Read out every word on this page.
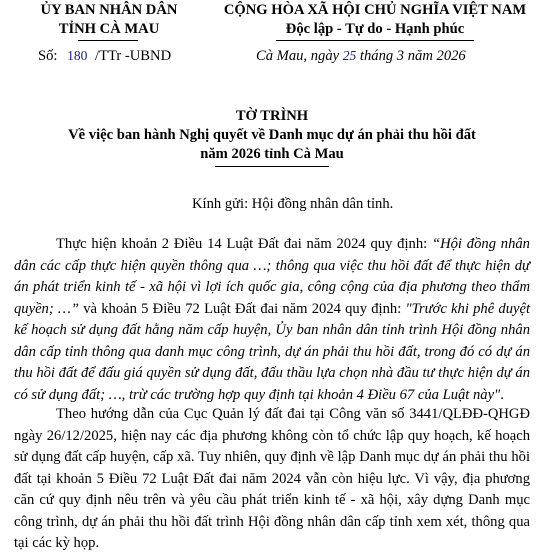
ỦY BAN NHÂN DÂN
TỈNH CÀ MAU
CỘNG HÒA XÃ HỘI CHỦ NGHĨA VIỆT NAM
Độc lập - Tự do - Hạnh phúc
Số: 180 /TTr -UBND	Cà Mau, ngày 25 tháng 3 năm 2026
TỜ TRÌNH
Về việc ban hành Nghị quyết về Danh mục dự án phải thu hồi đất
năm 2026 tỉnh Cà Mau
Kính gửi: Hội đồng nhân dân tỉnh.
Thực hiện khoản 2 Điều 14 Luật Đất đai năm 2024 quy định: “Hội đồng nhân dân các cấp thực hiện quyền thông qua …; thông qua việc thu hồi đất để thực hiện dự án phát triển kinh tế - xã hội vì lợi ích quốc gia, công cộng của địa phương theo thẩm quyền; …” và khoản 5 Điều 72 Luật Đất đai năm 2024 quy định: "Trước khi phê duyệt kế hoạch sử dụng đất hằng năm cấp huyện, Ủy ban nhân dân tỉnh trình Hội đồng nhân dân cấp tỉnh thông qua danh mục công trình, dự án phải thu hồi đất, trong đó có dự án thu hồi đất để đấu giá quyền sử dụng đất, đấu thầu lựa chọn nhà đầu tư thực hiện dự án có sử dụng đất; …, trừ các trường hợp quy định tại khoản 4 Điều 67 của Luật này".
Theo hướng dẫn của Cục Quản lý đất đai tại Công văn số 3441/QLĐĐ-QHGĐ ngày 26/12/2025, hiện nay các địa phương không còn tổ chức lập quy hoạch, kế hoạch sử dụng đất cấp huyện, cấp xã. Tuy nhiên, quy định về lập Danh mục dự án phải thu hồi đất tại khoản 5 Điều 72 Luật Đất đai năm 2024 vẫn còn hiệu lực. Vì vậy, địa phương căn cứ quy định nêu trên và yêu cầu phát triển kinh tế - xã hội, xây dựng Danh mục công trình, dự án phải thu hồi đất trình Hội đồng nhân dân cấp tỉnh xem xét, thông qua tại các kỳ họp.
